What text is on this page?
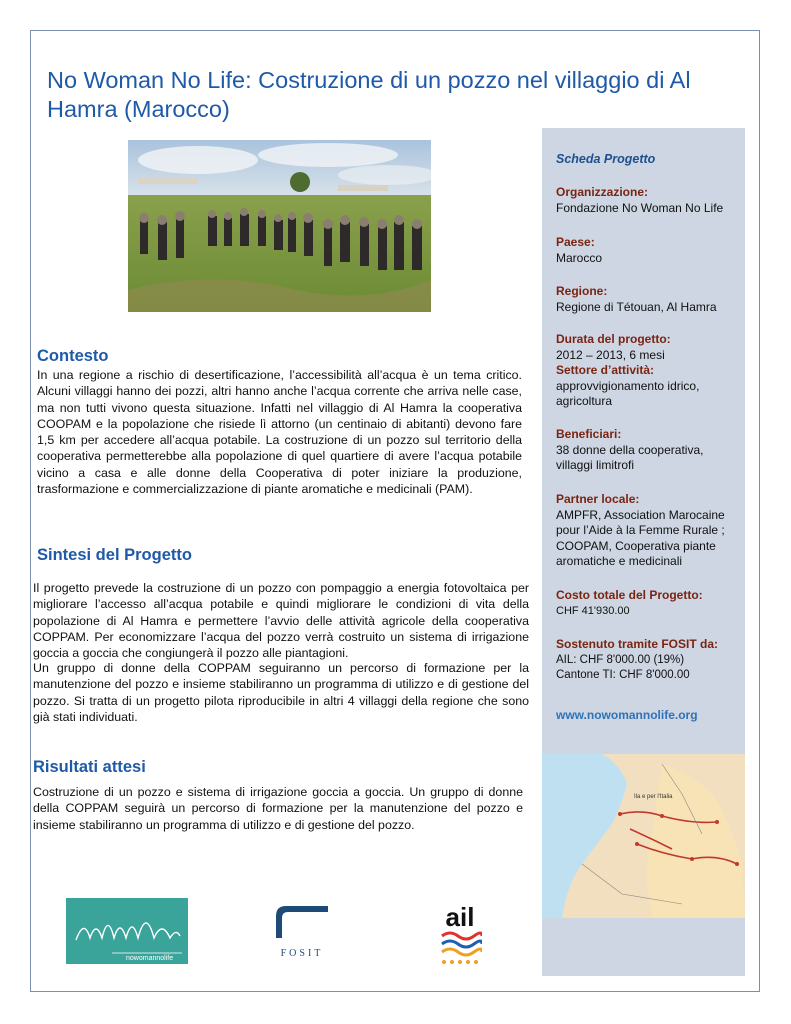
No Woman No Life: Costruzione di un pozzo nel villaggio di Al Hamra (Marocco)
Contesto

In una regione a rischio di desertificazione, l’accessibilità all’acqua è un tema critico. Alcuni villaggi hanno dei pozzi, altri hanno anche l’acqua corrente che arriva nelle case, ma non tutti vivono questa situazione. Infatti nel villaggio di Al Hamra la cooperativa COOPAM e la popolazione che risiede lì attorno (un centinaio di abitanti) devono fare 1,5 km per accedere all’acqua potabile. La costruzione di un pozzo sul territorio della cooperativa permetterebbe alla popolazione di quel quartiere di avere l’acqua potabile vicino a casa e alle donne della Cooperativa di poter iniziare la produzione, trasformazione e commercializzazione di piante aromatiche e medicinali (PAM).

Sintesi del Progetto

Il progetto prevede la costruzione di un pozzo con pompaggio a energia fotovoltaica per migliorare l’accesso all’acqua potabile e quindi migliorare le condizioni di vita della popolazione di Al Hamra e permettere l’avvio delle attività agricole della cooperativa COPPAM. Per economizzare l’acqua del pozzo verrà costruito un sistema di irrigazione goccia a goccia che congiungerà il pozzo alle piantagioni.

Un gruppo di donne della COPPAM seguiranno un percorso di formazione per la manutenzione del pozzo e insieme stabiliranno un programma di utilizzo e di gestione del pozzo. Si tratta di un progetto pilota riproducibile in altri 4 villaggi della regione che sono già stati individuati.

Risultati attesi

Costruzione di un pozzo e sistema di irrigazione goccia a goccia. Un gruppo di donne della COPPAM seguirà un percorso di formazione per la manutenzione del pozzo e insieme stabiliranno un programma di utilizzo e di gestione del pozzo.

Scheda Progetto
Organizzazione:
Fondazione No Woman No Life
Paese:
Marocco
Regione:
Regione di Tétouan, Al Hamra
Durata del progetto:
2012 – 2013, 6 mesi
Settore d’attività:
approvvigionamento idrico, agricoltura
Beneficiari:
38 donne della cooperativa, villaggi limitrofi
Partner locale:
AMPFR, Association Marocaine pour l’Aide à la Femme Rurale ; COOPAM, Cooperativa piante aromatiche e medicinali
Costo totale del Progetto:
CHF 41'930.00
Sostenuto tramite FOSIT da:
AIL: CHF 8'000.00 (19%)
Cantone TI: CHF 8'000.00
www.nowomannolife.org
Ila e per l'Italia
nowomannolife	FOSIT
ail
